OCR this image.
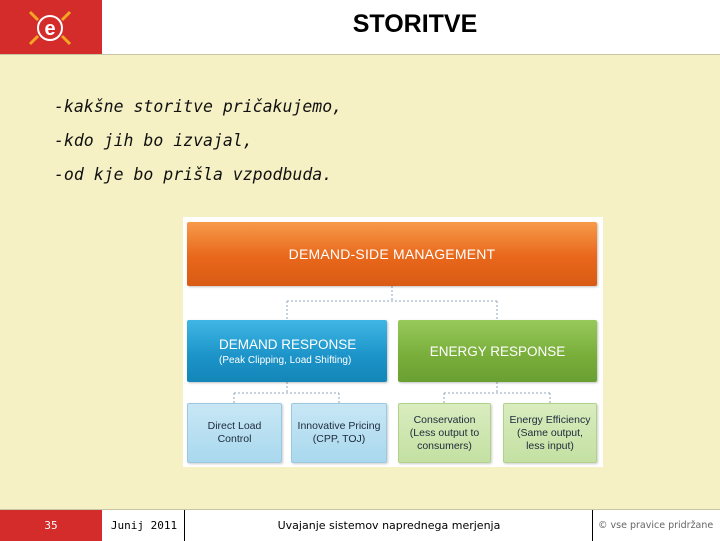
e	STORITVE
-kakšne storitve pričakujemo,
-kdo jih bo izvajal,
-od kje bo prišla vzpodbuda.
DEMAND-SIDE MANAGEMENT
DEMAND RESPONSE
(Peak Clipping, Load Shifting)
ENERGY RESPONSE
Direct Load
Control
Innovative Pricing
(CPP, TOJ)
Conservation
(Less output to
consumers)
Energy Efficiency
(Same output,
less input)
35	Junij 2011	Uvajanje sistemov naprednega merjenja	© vse pravice pridržane
